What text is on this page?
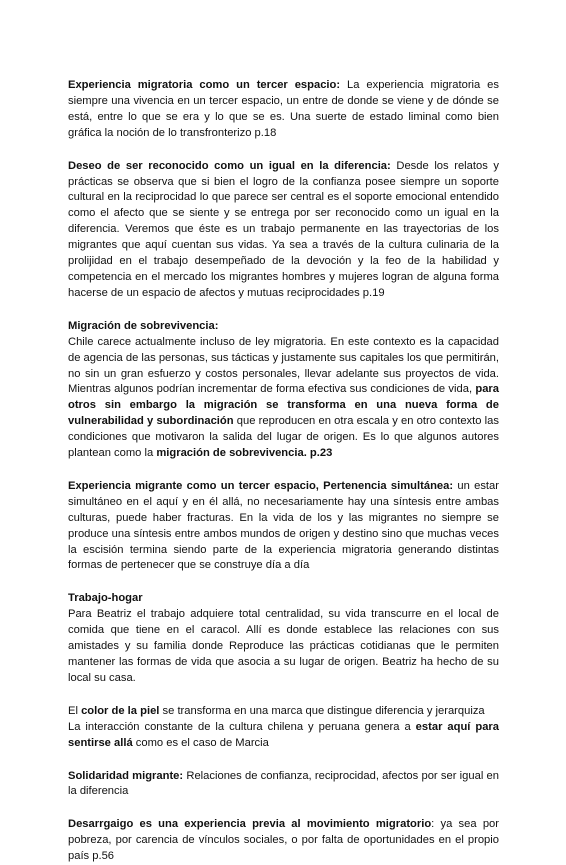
Experiencia migratoria como un tercer espacio: La experiencia migratoria es siempre una vivencia en un tercer espacio, un entre de donde se viene y de dónde se está, entre lo que se era y lo que se es. Una suerte de estado liminal como bien gráfica la noción de lo transfronterizo p.18

Deseo de ser reconocido como un igual en la diferencia: Desde los relatos y prácticas se observa que si bien el logro de la confianza posee siempre un soporte cultural en la reciprocidad lo que parece ser central es el soporte emocional entendido como el afecto que se siente y se entrega por ser reconocido como un igual en la diferencia. Veremos que éste es un trabajo permanente en las trayectorias de los migrantes que aquí cuentan sus vidas. Ya sea a través de la cultura culinaria de la prolijidad en el trabajo desempeñado de la devoción y la feo de la habilidad y competencia en el mercado los migrantes hombres y mujeres logran de alguna forma hacerse de un espacio de afectos y mutuas reciprocidades p.19

Migración de sobrevivencia:
Chile carece actualmente incluso de ley migratoria. En este contexto es la capacidad de agencia de las personas, sus tácticas y justamente sus capitales los que permitirán, no sin un gran esfuerzo y costos personales, llevar adelante sus proyectos de vida. Mientras algunos podrían incrementar de forma efectiva sus condiciones de vida, para otros sin embargo la migración se transforma en una nueva forma de vulnerabilidad y subordinación que reproducen en otra escala y en otro contexto las condiciones que motivaron la salida del lugar de origen. Es lo que algunos autores plantean como la migración de sobrevivencia. p.23

Experiencia migrante como un tercer espacio, Pertenencia simultánea: un estar simultáneo en el aquí y en él allá, no necesariamente hay una síntesis entre ambas culturas, puede haber fracturas. En la vida de los y las migrantes no siempre se produce una síntesis entre ambos mundos de origen y destino sino que muchas veces la escisión termina siendo parte de la experiencia migratoria generando distintas formas de pertenecer que se construye día a día

Trabajo-hogar
Para Beatriz el trabajo adquiere total centralidad, su vida transcurre en el local de comida que tiene en el caracol. Allí es donde establece las relaciones con sus amistades y su familia donde Reproduce las prácticas cotidianas que le permiten mantener las formas de vida que asocia a su lugar de origen. Beatriz ha hecho de su local su casa.

El color de la piel se transforma en una marca que distingue diferencia y jerarquiza
La interacción constante de la cultura chilena y peruana genera a estar aquí para sentirse allá como es el caso de Marcia

Solidaridad migrante: Relaciones de confianza, reciprocidad, afectos por ser igual en la diferencia

Desarrgaigo es una experiencia previa al movimiento migratorio: ya sea por pobreza, por carencia de vínculos sociales, o por falta de oportunidades en el propio país p.56
